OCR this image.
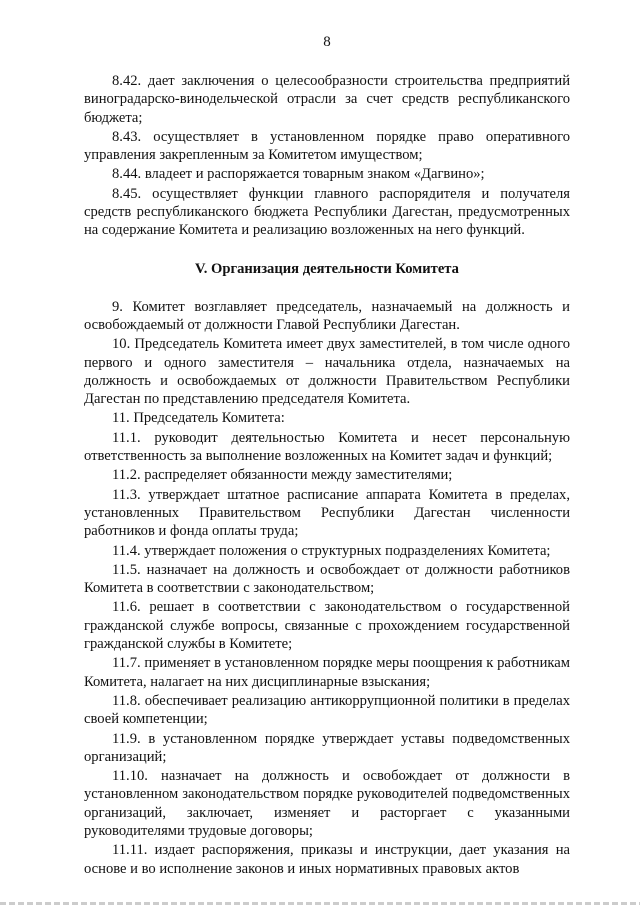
8

8.42. дает заключения о целесообразности строительства предприятий виноградарско-винодельческой отрасли за счет средств республиканского бюджета;

8.43. осуществляет в установленном порядке право оперативного управления закрепленным за Комитетом имуществом;

8.44. владеет и распоряжается товарным знаком «Дагвино»;

8.45. осуществляет функции главного распорядителя и получателя средств республиканского бюджета Республики Дагестан, предусмотренных на содержание Комитета и реализацию возложенных на него функций.

V. Организация деятельности Комитета

9. Комитет возглавляет председатель, назначаемый на должность и освобождаемый от должности Главой Республики Дагестан.

10. Председатель Комитета имеет двух заместителей, в том числе одного первого и одного заместителя – начальника отдела, назначаемых на должность и освобождаемых от должности Правительством Республики Дагестан по представлению председателя Комитета.

11. Председатель Комитета:

11.1. руководит деятельностью Комитета и несет персональную ответственность за выполнение возложенных на Комитет задач и функций;

11.2. распределяет обязанности между заместителями;

11.3. утверждает штатное расписание аппарата Комитета в пределах, установленных Правительством Республики Дагестан численности работников и фонда оплаты труда;

11.4. утверждает положения о структурных подразделениях Комитета;

11.5. назначает на должность и освобождает от должности работников Комитета в соответствии с законодательством;

11.6. решает в соответствии с законодательством о государственной гражданской службе вопросы, связанные с прохождением государственной гражданской службы в Комитете;

11.7. применяет в установленном порядке меры поощрения к работникам Комитета, налагает на них дисциплинарные взыскания;

11.8. обеспечивает реализацию антикоррупционной политики в пределах своей компетенции;

11.9. в установленном порядке утверждает уставы подведомственных организаций;

11.10. назначает на должность и освобождает от должности в установленном законодательством порядке руководителей подведомственных организаций, заключает, изменяет и расторгает с указанными руководителями трудовые договоры;

11.11. издает распоряжения, приказы и инструкции, дает указания на основе и во исполнение законов и иных нормативных правовых актов
